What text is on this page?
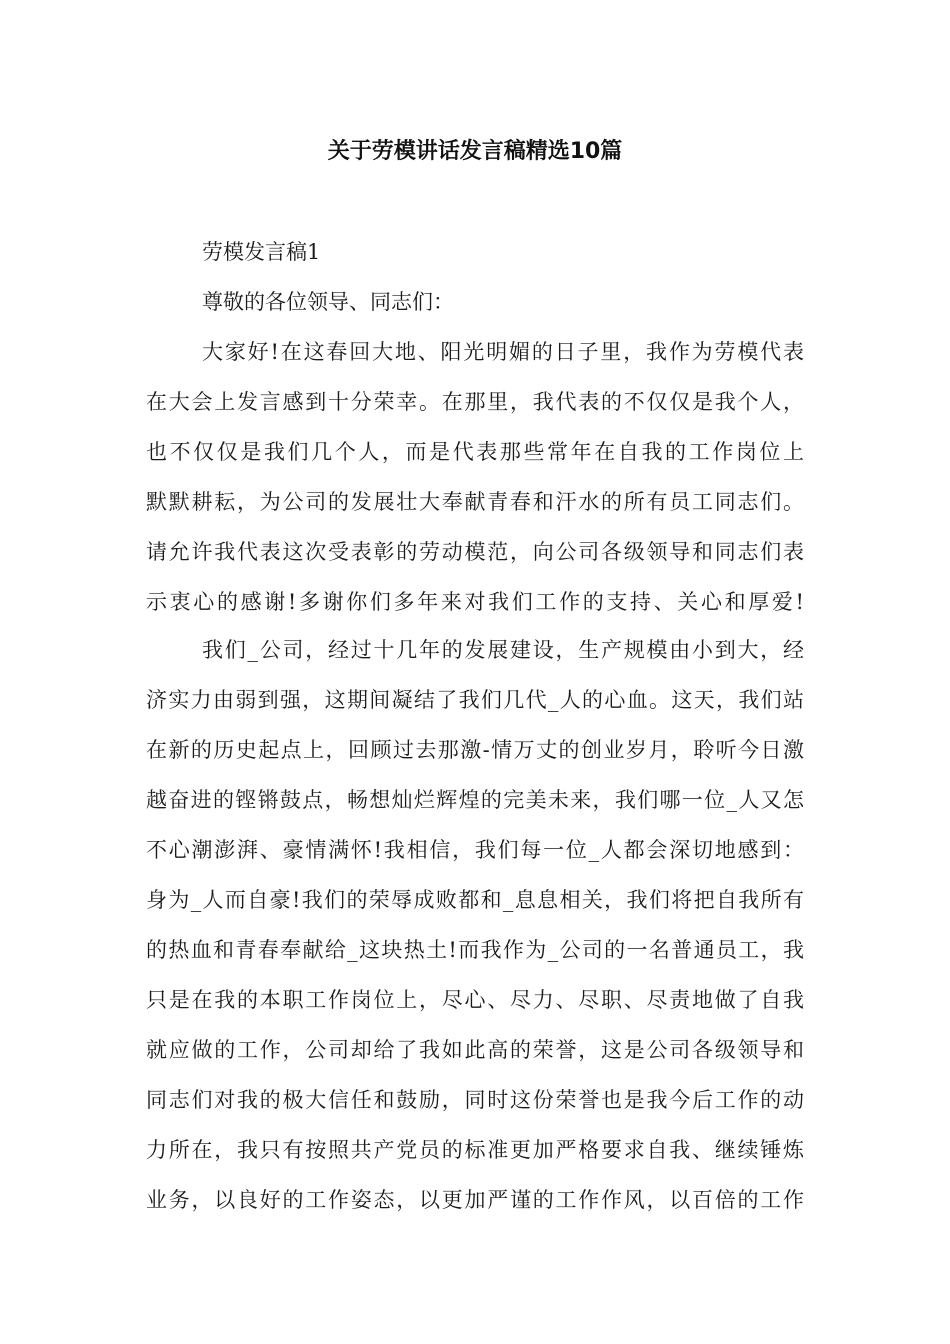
关于劳模讲话发言稿精选10篇

劳模发言稿1

尊敬的各位领导、同志们：

大家好!在这春回大地、阳光明媚的日子里，我作为劳模代表

在大会上发言感到十分荣幸。在那里，我代表的不仅仅是我个人，

也不仅仅是我们几个人，而是代表那些常年在自我的工作岗位上

默默耕耘，为公司的发展壮大奉献青春和汗水的所有员工同志们。

请允许我代表这次受表彰的劳动模范，向公司各级领导和同志们表

示衷心的感谢!多谢你们多年来对我们工作的支持、关心和厚爱!

我们_公司，经过十几年的发展建设，生产规模由小到大，经

济实力由弱到强，这期间凝结了我们几代_人的心血。这天，我们站

在新的历史起点上，回顾过去那激-情万丈的创业岁月，聆听今日激

越奋进的铿锵鼓点，畅想灿烂辉煌的完美未来，我们哪一位_人又怎

不心潮澎湃、豪情满怀!我相信，我们每一位_人都会深切地感到：

身为_人而自豪!我们的荣辱成败都和_息息相关，我们将把自我所有

的热血和青春奉献给_这块热土!而我作为_公司的一名普通员工，我

只是在我的本职工作岗位上，尽心、尽力、尽职、尽责地做了自我

就应做的工作，公司却给了我如此高的荣誉，这是公司各级领导和

同志们对我的极大信任和鼓励，同时这份荣誉也是我今后工作的动

力所在，我只有按照共产党员的标准更加严格要求自我、继续锤炼

业务，以良好的工作姿态，以更加严谨的工作作风，以百倍的工作
